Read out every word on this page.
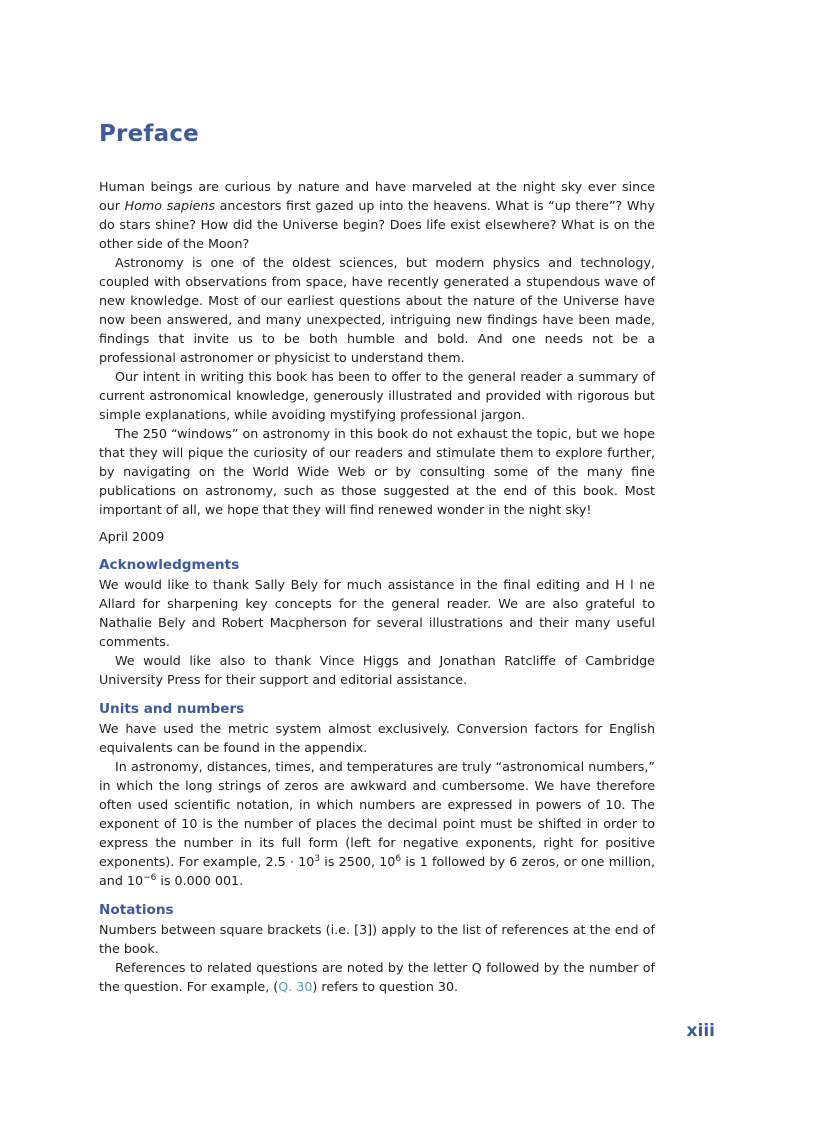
Preface

Human beings are curious by nature and have marveled at the night sky ever since our Homo sapiens ancestors first gazed up into the heavens. What is “up there”? Why do stars shine? How did the Universe begin? Does life exist elsewhere? What is on the other side of the Moon?

Astronomy is one of the oldest sciences, but modern physics and technology, coupled with observations from space, have recently generated a stupendous wave of new knowledge. Most of our earliest questions about the nature of the Universe have now been answered, and many unexpected, intriguing new findings have been made, findings that invite us to be both humble and bold. And one needs not be a professional astronomer or physicist to understand them.

Our intent in writing this book has been to offer to the general reader a summary of current astronomical knowledge, generously illustrated and provided with rigorous but simple explanations, while avoiding mystifying professional jargon.

The 250 “windows” on astronomy in this book do not exhaust the topic, but we hope that they will pique the curiosity of our readers and stimulate them to explore further, by navigating on the World Wide Web or by consulting some of the many fine publications on astronomy, such as those suggested at the end of this book. Most important of all, we hope that they will find renewed wonder in the night sky!

April 2009

Acknowledgments

We would like to thank Sally Bely for much assistance in the final editing and H l ne Allard for sharpening key concepts for the general reader. We are also grateful to Nathalie Bely and Robert Macpherson for several illustrations and their many useful comments.

We would like also to thank Vince Higgs and Jonathan Ratcliffe of Cambridge University Press for their support and editorial assistance.

Units and numbers

We have used the metric system almost exclusively. Conversion factors for English equivalents can be found in the appendix.

In astronomy, distances, times, and temperatures are truly “astronomical numbers,” in which the long strings of zeros are awkward and cumbersome. We have therefore often used scientific notation, in which numbers are expressed in powers of 10. The exponent of 10 is the number of places the decimal point must be shifted in order to express the number in its full form (left for negative exponents, right for positive exponents). For example, $2.5 \cdot 10^3$ is 2500, $10^6$ is 1 followed by 6 zeros, or one million, and $10^{-6}$ is 0.000 001.

Notations

Numbers between square brackets (i.e. [3]) apply to the list of references at the end of the book.

References to related questions are noted by the letter Q followed by the number of the question. For example, (Q. 30) refers to question 30.

xiii
